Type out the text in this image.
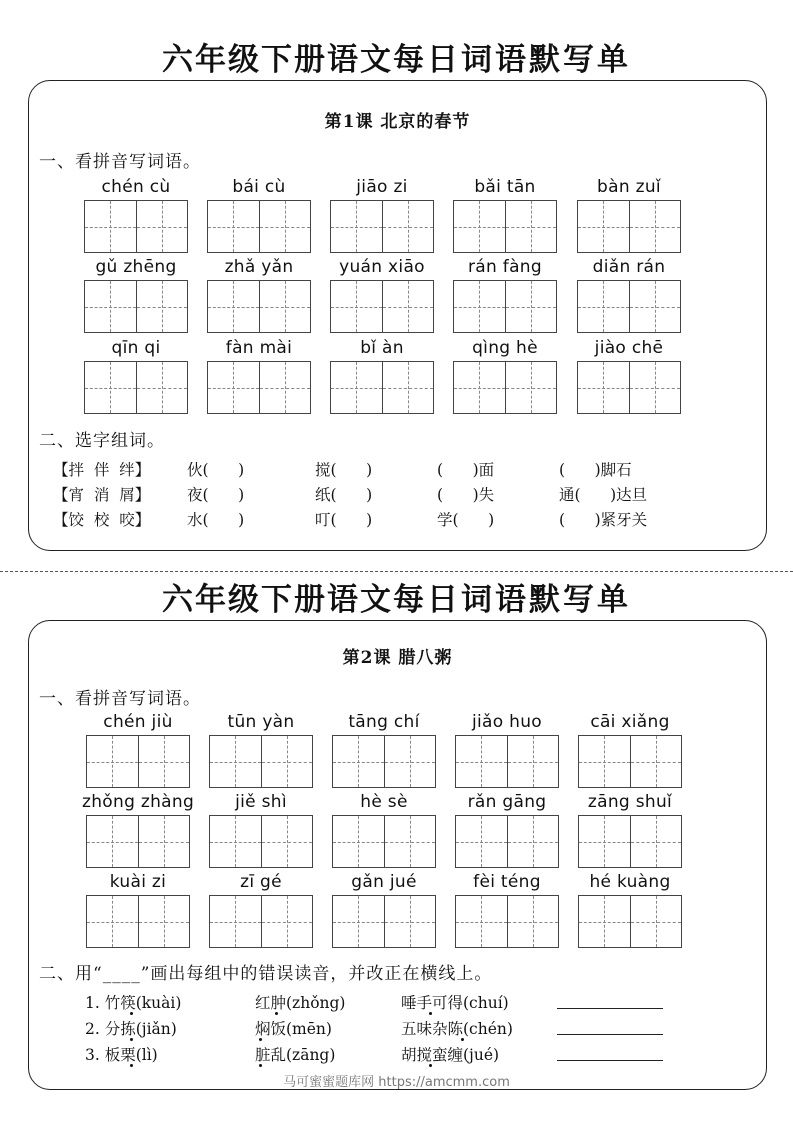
六年级下册语文每日词语默写单
第1课 北京的春节
一、看拼音写词语。
chén cù	bái cù	jiāo zi	bǎi tān	bàn zuǐ
gǔ zhēng	zhǎ yǎn	yuán xiāo	rán fàng	diǎn rán
qīn qi	fàn mài	bǐ àn	qìng hè	jiào chē
二、选字组词。
【拌  伴  绊】 伙(      )	搅(      )	(      )面	(      )脚石
【宵  消  屑】 夜(      )	纸(      )	(      )失	通(      )达旦
【饺  校  咬】 水(      )	叮(      )	学(      )	(      )紧牙关
六年级下册语文每日词语默写单
第2课 腊八粥
一、看拼音写词语。
chén jiù	tūn yàn	tāng chí	jiǎo huo	cāi xiǎng
zhǒng zhàng	jiě shì	hè sè	rǎn gāng	zāng shuǐ
kuài zi	zī gé	gǎn jué	fèi téng	hé kuàng
二、用“____”画出每组中的错误读音，并改正在横线上。
1. 竹筷(kuài)	红肿(zhǒng)	唾手可得(chuí)
2. 分拣(jiǎn)	焖饭(mēn)	五味杂陈(chén)
3. 板栗(lì)	脏乱(zāng)	胡搅蛮缠(jué)
马可蜜蜜题库网 https://amcmm.com
